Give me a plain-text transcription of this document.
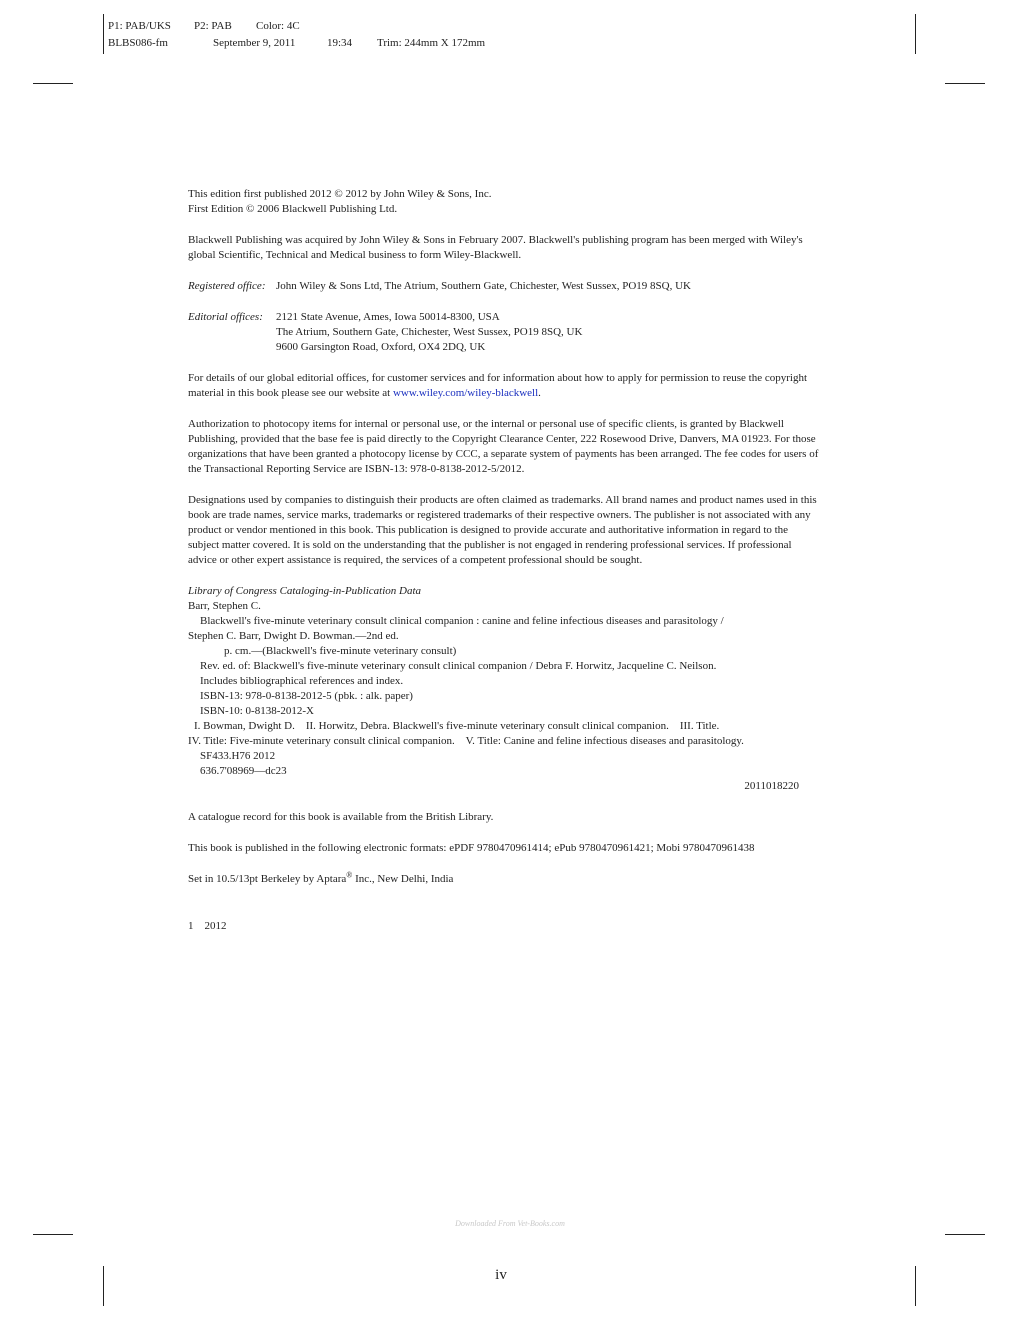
P1: PAB/UKS P2: PAB Color: 4C
BLBS086-fm	September 9, 2011	19:34 Trim: 244mm X 172mm

This edition first published 2012 © 2012 by John Wiley & Sons, Inc.

First Edition © 2006 Blackwell Publishing Ltd.

Blackwell Publishing was acquired by John Wiley & Sons in February 2007. Blackwell's publishing program has been merged with Wiley's global Scientific, Technical and Medical business to form Wiley-Blackwell.

Registered office: John Wiley & Sons Ltd, The Atrium, Southern Gate, Chichester, West Sussex, PO19 8SQ, UK
Editorial offices:	2121 State Avenue, Ames, Iowa 50014-8300, USA

The Atrium, Southern Gate, Chichester, West Sussex, PO19 8SQ, UK

9600 Garsington Road, Oxford, OX4 2DQ, UK

For details of our global editorial offices, for customer services and for information about how to apply for permission to reuse the copyright material in this book please see our website at www.wiley.com/wiley-blackwell.

Authorization to photocopy items for internal or personal use, or the internal or personal use of specific clients, is granted by Blackwell Publishing, provided that the base fee is paid directly to the Copyright Clearance Center, 222 Rosewood Drive, Danvers, MA 01923. For those organizations that have been granted a photocopy license by CCC, a separate system of payments has been arranged. The fee codes for users of the Transactional Reporting Service are ISBN-13: 978-0-8138-2012-5/2012.

Designations used by companies to distinguish their products are often claimed as trademarks. All brand names and product names used in this book are trade names, service marks, trademarks or registered trademarks of their respective owners. The publisher is not associated with any product or vendor mentioned in this book. This publication is designed to provide accurate and authoritative information in regard to the subject matter covered. It is sold on the understanding that the publisher is not engaged in rendering professional services. If professional advice or other expert assistance is required, the services of a competent professional should be sought.

Library of Congress Cataloging-in-Publication Data

Barr, Stephen C.

Blackwell's five-minute veterinary consult clinical companion : canine and feline infectious diseases and parasitology /

Stephen C. Barr, Dwight D. Bowman.—2nd ed.

p. cm.—(Blackwell's five-minute veterinary consult)

Rev. ed. of: Blackwell's five-minute veterinary consult clinical companion / Debra F. Horwitz, Jacqueline C. Neilson.

Includes bibliographical references and index.

ISBN-13: 978-0-8138-2012-5 (pbk. : alk. paper)

ISBN-10: 0-8138-2012-X

I. Bowman, Dwight D.    II. Horwitz, Debra. Blackwell's five-minute veterinary consult clinical companion.    III. Title.

IV. Title: Five-minute veterinary consult clinical companion.    V. Title: Canine and feline infectious diseases and parasitology.

SF433.H76 2012

636.7'08969—dc23

2011018220

A catalogue record for this book is available from the British Library.

This book is published in the following electronic formats: ePDF 9780470961414; ePub 9780470961421; Mobi 9780470961438

Set in 10.5/13pt Berkeley by Aptara® Inc., New Delhi, India

1    2012

Downloaded From Vet-Books.com
iv
